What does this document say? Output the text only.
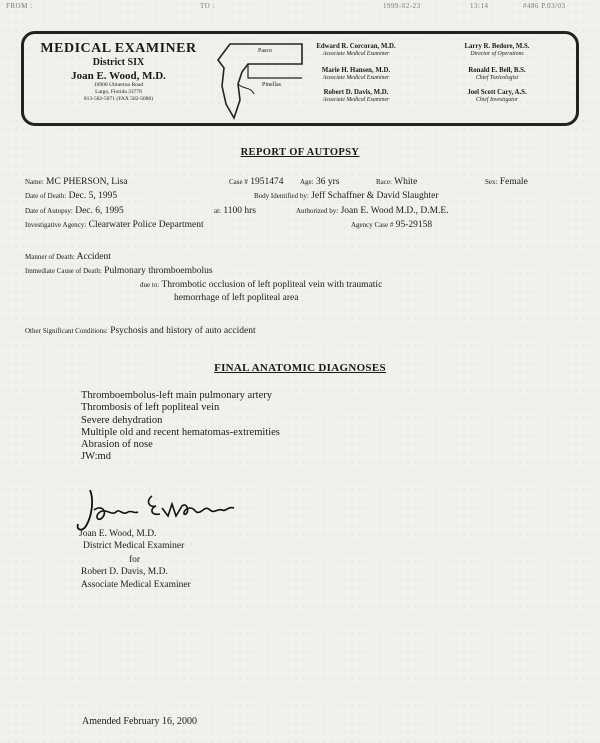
FROM :	TO :	1999-02-23	13:14	#486 P.03/03
MEDICAL EXAMINER
District SIX
Joan E. Wood, M.D.
10900 Ulmerton Road
Largo, Florida 33778
813-582-5071 (FAX 582-5080)
Pasco
Pinellas
Edward R. Corcoran, M.D.
Associate Medical Examiner
Larry R. Bedore, M.S.
Director of Operations
Marie H. Hansen, M.D.
Associate Medical Examiner
Ronald E. Bell, B.S.
Chief Toxicologist
Robert D. Davis, M.D.
Associate Medical Examiner
Joel Scott Cary, A.S.
Chief Investigator
REPORT OF AUTOPSY
Name: MC PHERSON, Lisa	Case # 1951474 Age: 36 yrs	Race: White	Sex: Female
Date of Death: Dec. 5, 1995	Body Identified by: Jeff Schaffner & David Slaughter
Date of Autopsy: Dec. 6, 1995	at: 1100 hrs	Authorized by: Joan E. Wood M.D., D.M.E.
Investigative Agency: Clearwater Police Department	Agency Case # 95-29158
Manner of Death: Accident
Immediate Cause of Death: Pulmonary thromboembolus
due to: Thrombotic occlusion of left popliteal vein with traumatic
hemorrhage of left popliteal area
Other Significant Conditions: Psychosis and history of auto accident
FINAL ANATOMIC DIAGNOSES
Thromboembolus-left main pulmonary artery
Thrombosis of left popliteal vein
Severe dehydration
Multiple old and recent hematomas-extremities
Abrasion of nose
JW:md
Joan E. Wood, M.D.
District Medical Examiner
for
Robert D. Davis, M.D.
Associate Medical Examiner
Amended February 16, 2000
